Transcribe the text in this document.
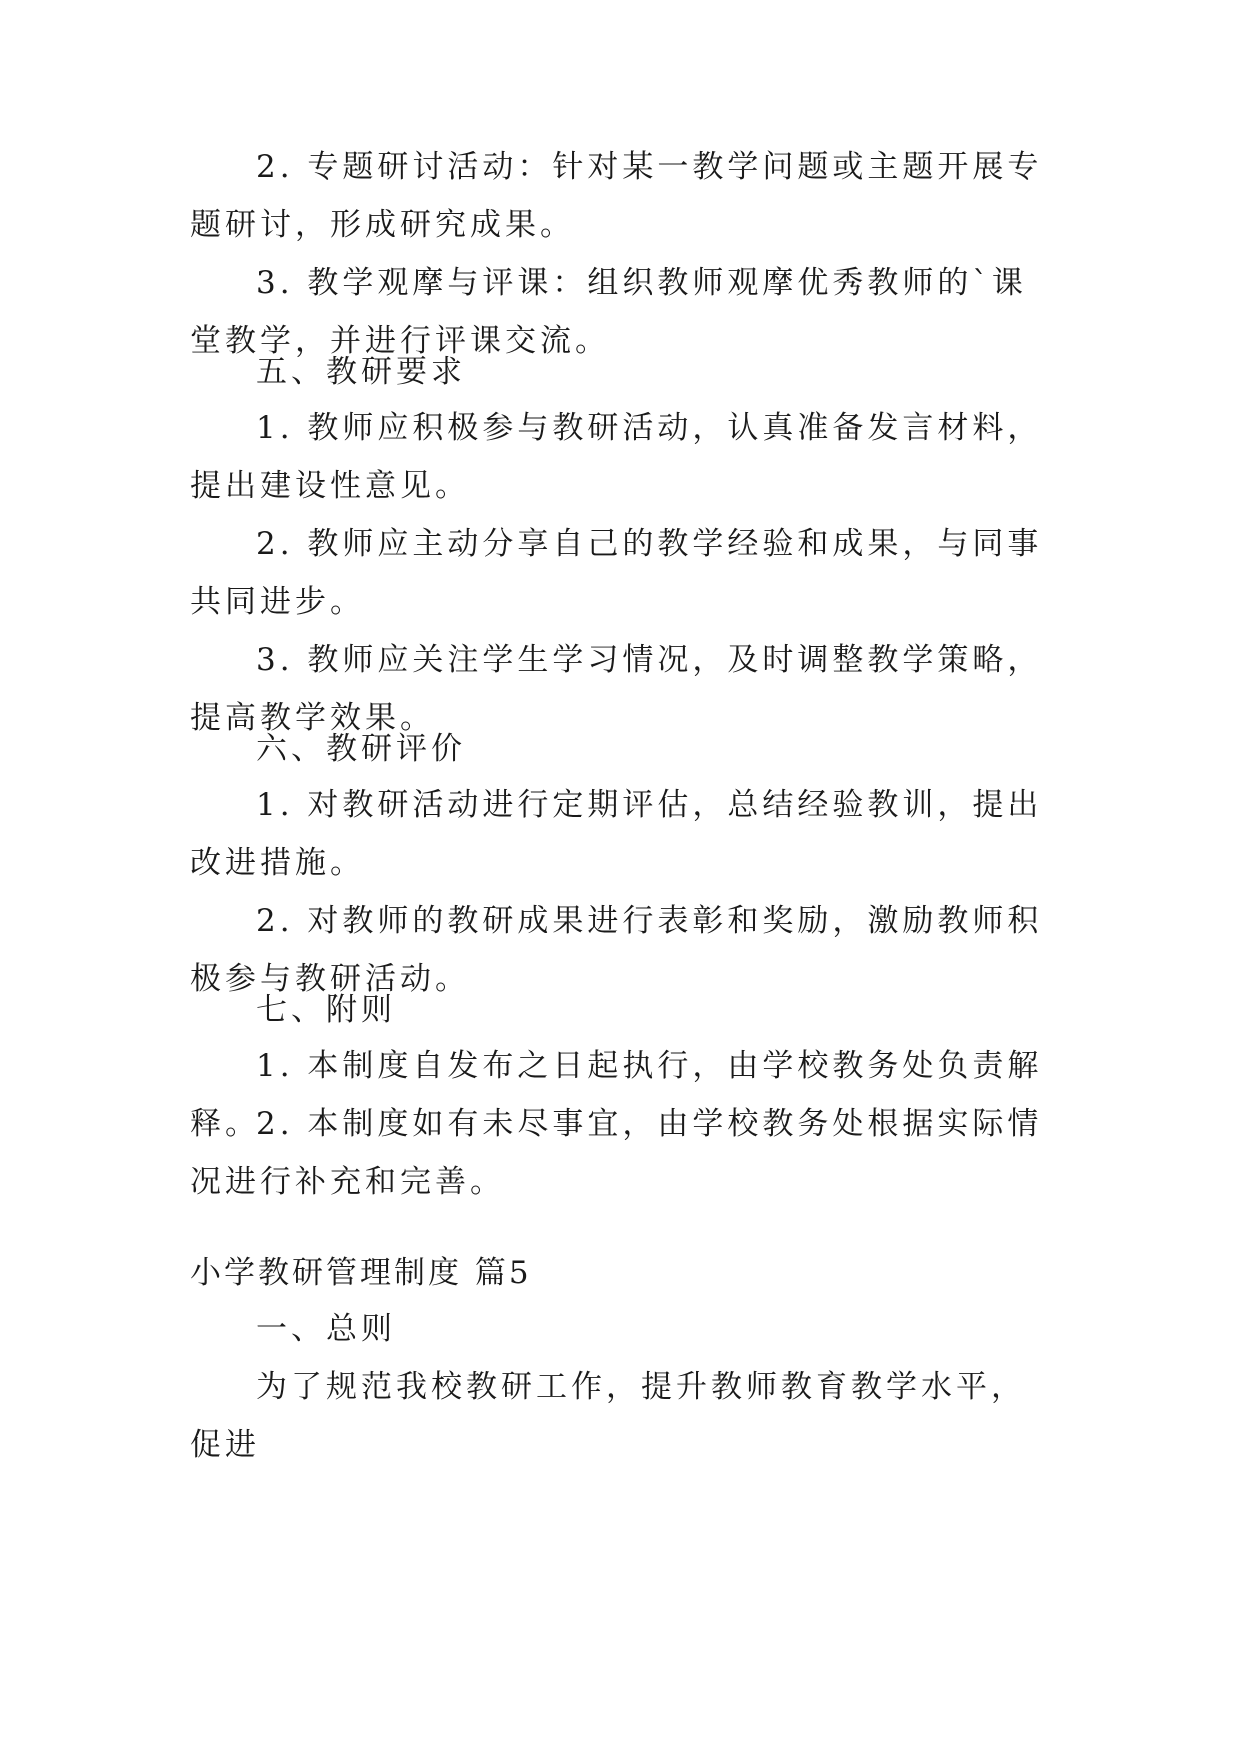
2. 专题研讨活动：针对某一教学问题或主题开展专题研讨，形成研究成果。

3. 教学观摩与评课：组织教师观摩优秀教师的`课堂教学，并进行评课交流。

五、教研要求

1. 教师应积极参与教研活动，认真准备发言材料，提出建设性意见。

2. 教师应主动分享自己的教学经验和成果，与同事共同进步。

3. 教师应关注学生学习情况，及时调整教学策略，提高教学效果。

六、教研评价

1. 对教研活动进行定期评估，总结经验教训，提出改进措施。

2. 对教师的教研成果进行表彰和奖励，激励教师积极参与教研活动。

七、附则

1. 本制度自发布之日起执行，由学校教务处负责解释。

2. 本制度如有未尽事宜，由学校教务处根据实际情况进行补充和完善。

小学教研管理制度 篇5

一、总则

为了规范我校教研工作，提升教师教育教学水平，促进
